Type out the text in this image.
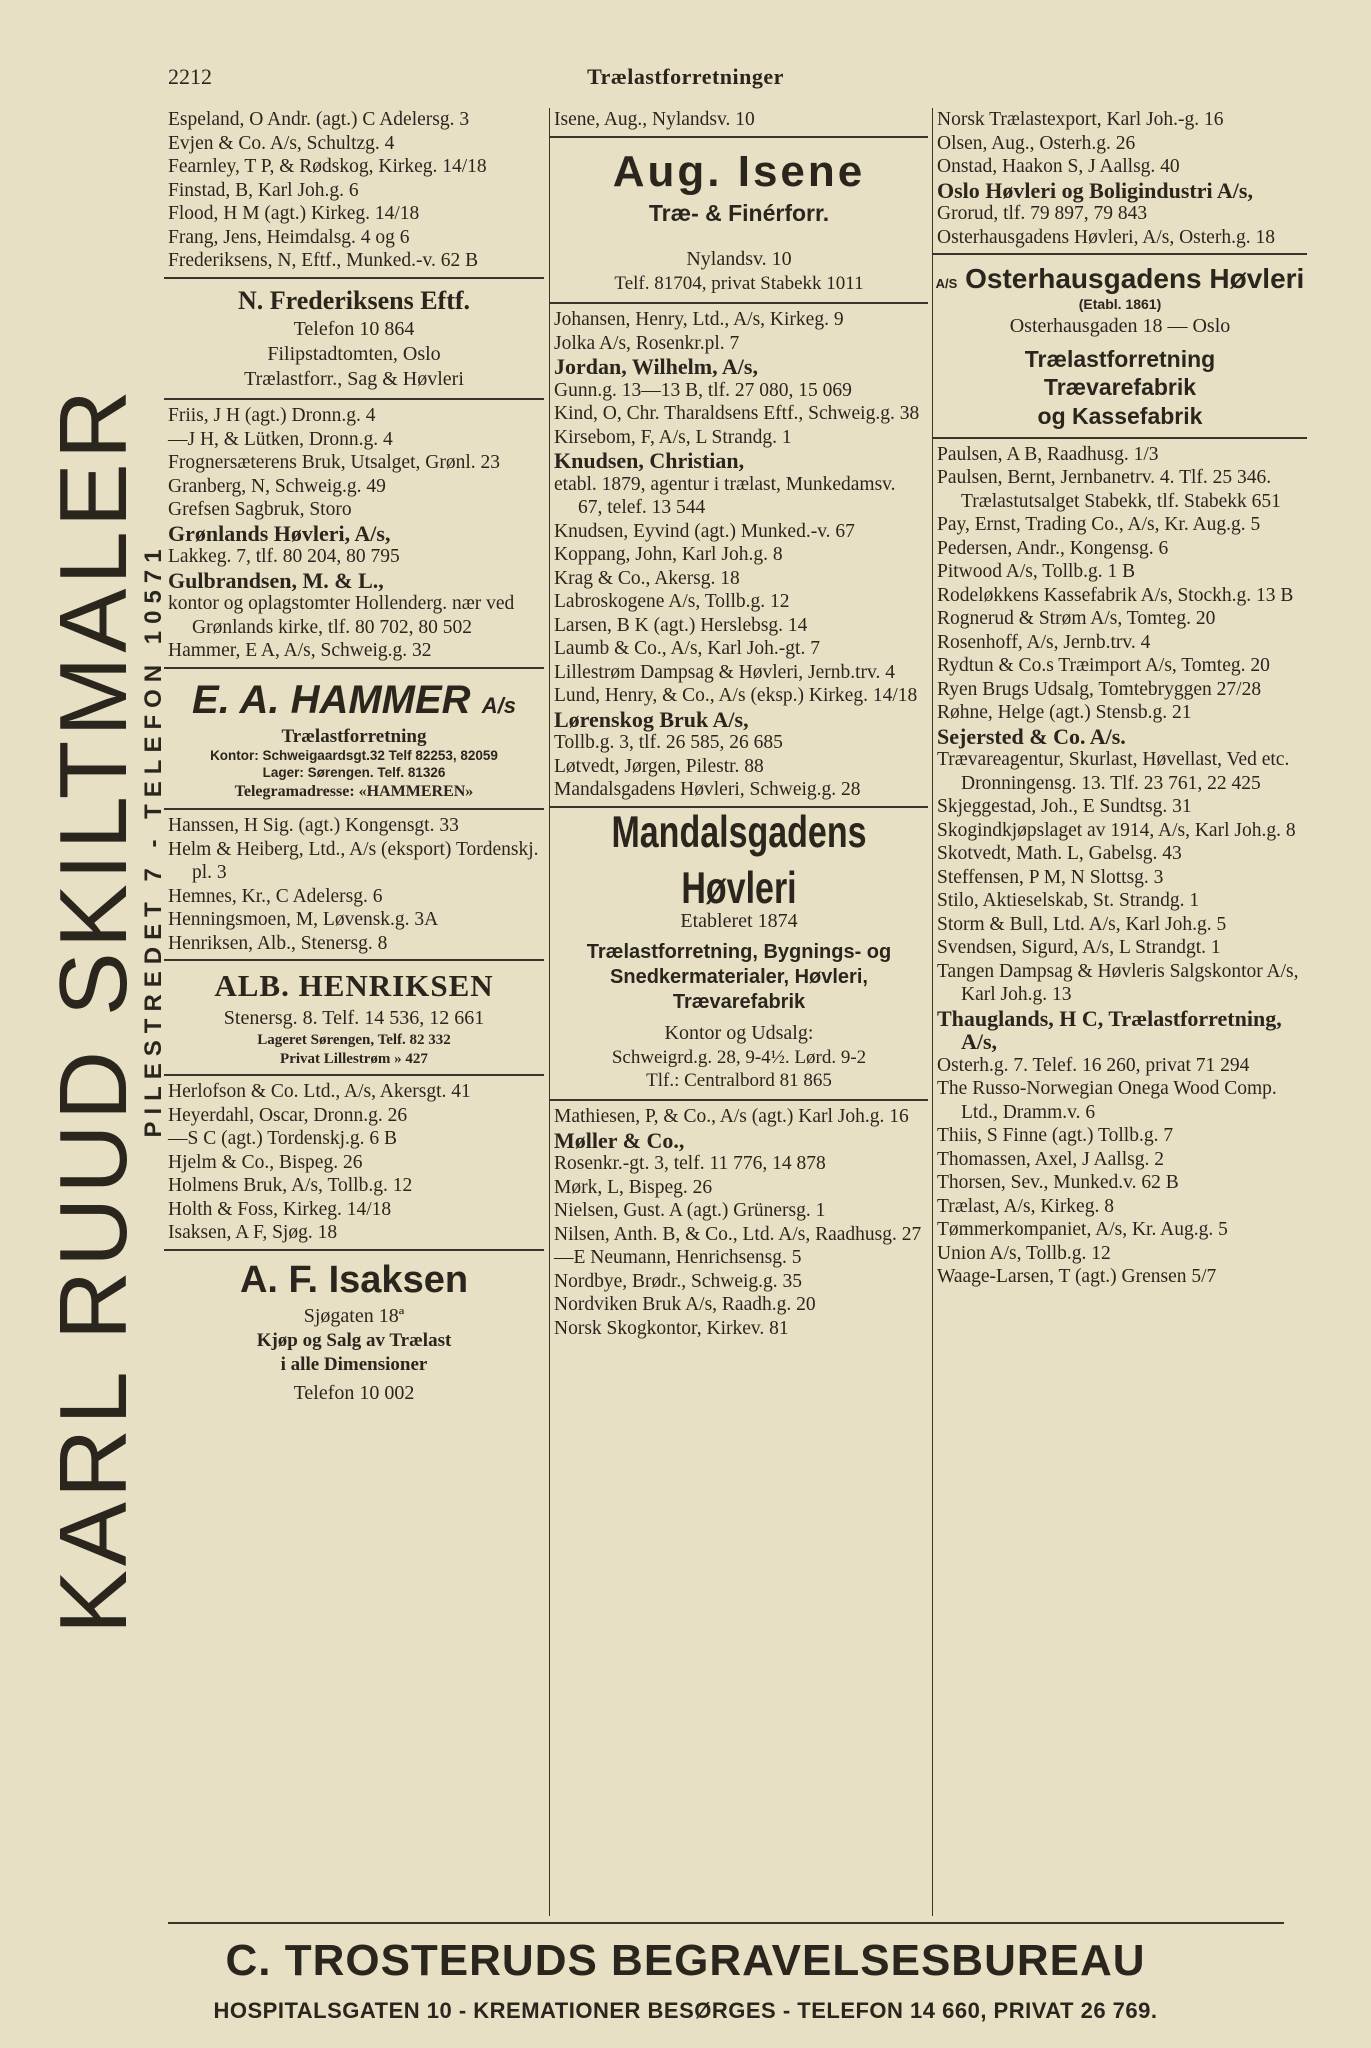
2212	Trælastforretninger
KARL RUUD SKILTMALER
PILESTREDET 7 - TELEFON 10571
Espeland, O Andr. (agt.) C Adelersg. 3
Evjen & Co. A/s, Schultzg. 4
Fearnley, T P, & Rødskog, Kirkeg. 14/18
Finstad, B, Karl Joh.g. 6
Flood, H M (agt.) Kirkeg. 14/18
Frang, Jens, Heimdalsg. 4 og 6
Frederiksens, N, Eftf., Munked.-v. 62 B
N. Frederiksens Eftf.
Telefon 10 864
Filipstadtomten, Oslo
Trælastforr., Sag & Høvleri
Friis, J H (agt.) Dronn.g. 4
—J H, & Lütken, Dronn.g. 4
Frognersæterens Bruk, Utsalget, Grønl. 23
Granberg, N, Schweig.g. 49
Grefsen Sagbruk, Storo
Grønlands Høvleri, A/s,
Lakkeg. 7, tlf. 80 204, 80 795
Gulbrandsen, M. & L.,
kontor og oplagstomter Hollenderg. nær ved Grønlands kirke, tlf. 80 702, 80 502
Hammer, E A, A/s, Schweig.g. 32
E. A. HAMMER A/s
Trælastforretning
Kontor: Schweigaardsgt.32 Telf 82253, 82059
Lager: Sørengen. Telf. 81326
Telegramadresse: «HAMMEREN»
Hanssen, H Sig. (agt.) Kongensgt. 33
Helm & Heiberg, Ltd., A/s (eksport) Tordenskj. pl. 3
Hemnes, Kr., C Adelersg. 6
Henningsmoen, M, Løvensk.g. 3A
Henriksen, Alb., Stenersg. 8
ALB. HENRIKSEN
Stenersg. 8. Telf. 14 536, 12 661
Lageret Sørengen, Telf. 82 332
Privat Lillestrøm » 427
Herlofson & Co. Ltd., A/s, Akersgt. 41
Heyerdahl, Oscar, Dronn.g. 26
—S C (agt.) Tordenskj.g. 6 B
Hjelm & Co., Bispeg. 26
Holmens Bruk, A/s, Tollb.g. 12
Holth & Foss, Kirkeg. 14/18
Isaksen, A F, Sjøg. 18
A. F. Isaksen
Sjøgaten 18ª
Kjøp og Salg av Trælast
i alle Dimensioner
Telefon 10 002
Isene, Aug., Nylandsv. 10
Aug. Isene
Træ- & Finérforr.
Nylandsv. 10
Telf. 81704, privat Stabekk 1011
Johansen, Henry, Ltd., A/s, Kirkeg. 9
Jolka A/s, Rosenkr.pl. 7
Jordan, Wilhelm, A/s,
Gunn.g. 13—13 B, tlf. 27 080, 15 069
Kind, O, Chr. Tharaldsens Eftf., Schweig.g. 38
Kirsebom, F, A/s, L Strandg. 1
Knudsen, Christian,
etabl. 1879, agentur i trælast, Munkedamsv. 67, telef. 13 544
Knudsen, Eyvind (agt.) Munked.-v. 67
Koppang, John, Karl Joh.g. 8
Krag & Co., Akersg. 18
Labroskogene A/s, Tollb.g. 12
Larsen, B K (agt.) Herslebsg. 14
Laumb & Co., A/s, Karl Joh.-gt. 7
Lillestrøm Dampsag & Høvleri, Jernb.trv. 4
Lund, Henry, & Co., A/s (eksp.) Kirkeg. 14/18
Lørenskog Bruk A/s,
Tollb.g. 3, tlf. 26 585, 26 685
Løtvedt, Jørgen, Pilestr. 88
Mandalsgadens Høvleri, Schweig.g. 28
Mandalsgadens Høvleri
Etableret 1874
Trælastforretning, Bygnings- og Snedkermaterialer, Høvleri, Trævarefabrik
Kontor og Udsalg:
Schweigrd.g. 28, 9-4½. Lørd. 9-2
Tlf.: Centralbord 81 865
Mathiesen, P, & Co., A/s (agt.) Karl Joh.g. 16
Møller & Co.,
Rosenkr.-gt. 3, telf. 11 776, 14 878
Mørk, L, Bispeg. 26
Nielsen, Gust. A (agt.) Grünersg. 1
Nilsen, Anth. B, & Co., Ltd. A/s, Raadhusg. 27
—E Neumann, Henrichsensg. 5
Nordbye, Brødr., Schweig.g. 35
Nordviken Bruk A/s, Raadh.g. 20
Norsk Skogkontor, Kirkev. 81
Norsk Trælastexport, Karl Joh.-g. 16
Olsen, Aug., Osterh.g. 26
Onstad, Haakon S, J Aallsg. 40
Oslo Høvleri og Boligindustri A/s,
Grorud, tlf. 79 897, 79 843
Osterhausgadens Høvleri, A/s, Osterh.g. 18
A/S Osterhausgadens Høvleri
(Etabl. 1861)
Osterhausgaden 18 — Oslo
Trælastforretning
Trævarefabrik
og Kassefabrik
Paulsen, A B, Raadhusg. 1/3
Paulsen, Bernt, Jernbanetrv. 4. Tlf. 25 346. Trælastutsalget Stabekk, tlf. Stabekk 651
Pay, Ernst, Trading Co., A/s, Kr. Aug.g. 5
Pedersen, Andr., Kongensg. 6
Pitwood A/s, Tollb.g. 1 B
Rodeløkkens Kassefabrik A/s, Stockh.g. 13 B
Rognerud & Strøm A/s, Tomteg. 20
Rosenhoff, A/s, Jernb.trv. 4
Rydtun & Co.s Træimport A/s, Tomteg. 20
Ryen Brugs Udsalg, Tomtebryggen 27/28
Røhne, Helge (agt.) Stensb.g. 21
Sejersted & Co. A/s.
Trævareagentur, Skurlast, Høvellast, Ved etc. Dronningensg. 13. Tlf. 23 761, 22 425
Skjeggestad, Joh., E Sundtsg. 31
Skogindkjøpslaget av 1914, A/s, Karl Joh.g. 8
Skotvedt, Math. L, Gabelsg. 43
Steffensen, P M, N Slottsg. 3
Stilo, Aktieselskab, St. Strandg. 1
Storm & Bull, Ltd. A/s, Karl Joh.g. 5
Svendsen, Sigurd, A/s, L Strandgt. 1
Tangen Dampsag & Høvleris Salgskontor A/s, Karl Joh.g. 13
Thauglands, H C, Trælastforretning, A/s,
Osterh.g. 7. Telef. 16 260, privat 71 294
The Russo-Norwegian Onega Wood Comp. Ltd., Dramm.v. 6
Thiis, S Finne (agt.) Tollb.g. 7
Thomassen, Axel, J Aallsg. 2
Thorsen, Sev., Munked.v. 62 B
Trælast, A/s, Kirkeg. 8
Tømmerkompaniet, A/s, Kr. Aug.g. 5
Union A/s, Tollb.g. 12
Waage-Larsen, T (agt.) Grensen 5/7
C. TROSTERUDS BEGRAVELSESBUREAU
HOSPITALSGATEN 10 - KREMATIONER BESØRGES - TELEFON 14 660, PRIVAT 26 769.
